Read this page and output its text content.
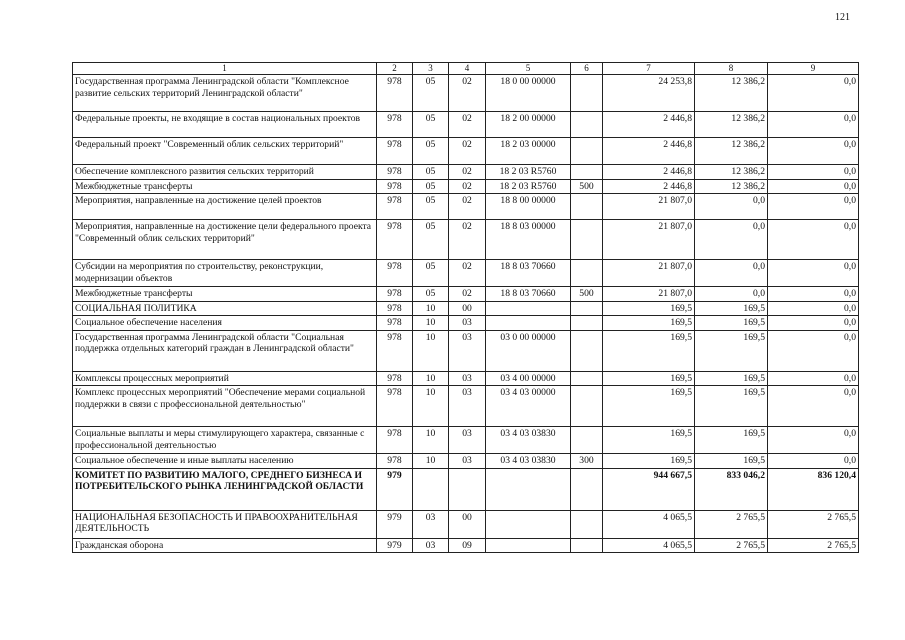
121
1	2	3	4	5	6	7	8	9
Государственная программа Ленинградской области "Комплексное развитие сельских территорий Ленинградской области"	978	05	02	18 0 00 00000		24 253,8	12 386,2	0,0
Федеральные проекты, не входящие в состав национальных проектов	978	05	02	18 2 00 00000		2 446,8	12 386,2	0,0
Федеральный проект "Современный облик сельских территорий"	978	05	02	18 2 03 00000		2 446,8	12 386,2	0,0
Обеспечение комплексного развития сельских территорий	978	05	02	18 2 03 R5760		2 446,8	12 386,2	0,0
Межбюджетные трансферты	978	05	02	18 2 03 R5760	500	2 446,8	12 386,2	0,0
Мероприятия, направленные на достижение целей проектов	978	05	02	18 8 00 00000		21 807,0	0,0	0,0
Мероприятия, направленные на достижение цели федерального проекта "Современный облик сельских территорий"	978	05	02	18 8 03 00000		21 807,0	0,0	0,0
Субсидии на мероприятия по строительству, реконструкции, модернизации объектов	978	05	02	18 8 03 70660		21 807,0	0,0	0,0
Межбюджетные трансферты	978	05	02	18 8 03 70660	500	21 807,0	0,0	0,0
СОЦИАЛЬНАЯ ПОЛИТИКА	978	10	00			169,5	169,5	0,0
Социальное обеспечение населения	978	10	03			169,5	169,5	0,0
Государственная программа Ленинградской области "Социальная поддержка отдельных категорий граждан в Ленинградской области"	978	10	03	03 0 00 00000		169,5	169,5	0,0
Комплексы процессных мероприятий	978	10	03	03 4 00 00000		169,5	169,5	0,0
Комплекс процессных мероприятий "Обеспечение мерами социальной поддержки в связи с профессиональной деятельностью"	978	10	03	03 4 03 00000		169,5	169,5	0,0
Социальные выплаты и меры стимулирующего характера, связанные с профессиональной деятельностью	978	10	03	03 4 03 03830		169,5	169,5	0,0
Социальное обеспечение и иные выплаты населению	978	10	03	03 4 03 03830	300	169,5	169,5	0,0
КОМИТЕТ ПО РАЗВИТИЮ МАЛОГО, СРЕДНЕГО БИЗНЕСА И ПОТРЕБИТЕЛЬСКОГО РЫНКА ЛЕНИНГРАДСКОЙ ОБЛАСТИ	979					944 667,5	833 046,2	836 120,4
НАЦИОНАЛЬНАЯ БЕЗОПАСНОСТЬ И ПРАВООХРАНИТЕЛЬНАЯ ДЕЯТЕЛЬНОСТЬ	979	03	00			4 065,5	2 765,5	2 765,5
Гражданская оборона	979	03	09			4 065,5	2 765,5	2 765,5
